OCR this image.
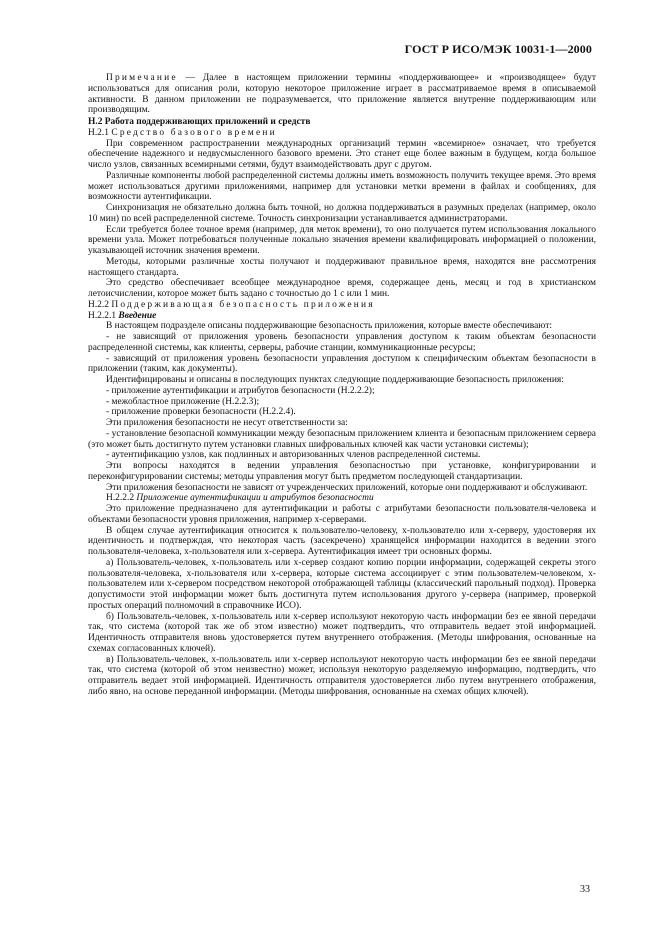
ГОСТ Р ИСО/МЭК 10031-1—2000

Примечание — Далее в настоящем приложении термины «поддерживающее» и «производящее» будут использоваться для описания роли, которую некоторое приложение играет в рассматриваемое время в описываемой активности. В данном приложении не подразумевается, что приложение является внутренне поддерживающим или производящим.

H.2 Работа поддерживающих приложений и средств

H.2.1 Средство базового времени

При современном распространении международных организаций термин «всемирное» означает, что требуется обеспечение надежного и недвусмысленного базового времени. Это станет еще более важным в будущем, когда большое число узлов, связанных всемирными сетями, будут взаимодействовать друг с другом.

Различные компоненты любой распределенной системы должны иметь возможность получить текущее время. Это время может использоваться другими приложениями, например для установки метки времени в файлах и сообщениях, для возможности аутентификации.

Синхронизация не обязательно должна быть точной, но должна поддерживаться в разумных пределах (например, около 10 мин) по всей распределенной системе. Точность синхронизации устанавливается администраторами.

Если требуется более точное время (например, для меток времени), то оно получается путем использования локального времени узла. Может потребоваться полученные локально значения времени квалифицировать информацией о положении, указывающей источник значения времени.

Методы, которыми различные хосты получают и поддерживают правильное время, находятся вне рассмотрения настоящего стандарта.

Это средство обеспечивает всеобщее международное время, содержащее день, месяц и год в христианском летоисчислении, которое может быть задано с точностью до 1 с или 1 мин.

H.2.2 Поддерживающая безопасность приложения

H.2.2.1 Введение

В настоящем подразделе описаны поддерживающие безопасность приложения, которые вместе обеспечивают:

- не зависящий от приложения уровень безопасности управления доступом к таким объектам безопасности распределенной системы, как клиенты, серверы, рабочие станции, коммуникационные ресурсы;

- зависящий от приложения уровень безопасности управления доступом к специфическим объектам безопасности в приложении (таким, как документы).

Идентифицированы и описаны в последующих пунктах следующие поддерживающие безопасность приложения:

- приложение аутентификации и атрибутов безопасности (H.2.2.2);

- межобластное приложение (H.2.2.3);

- приложение проверки безопасности (H.2.2.4).

Эти приложения безопасности не несут ответственности за:

- установление безопасной коммуникации между безопасным приложением клиента и безопасным приложением сервера (это может быть достигнуто путем установки главных шифровальных ключей как части установки системы);

- аутентификацию узлов, как подлинных и авторизованных членов распределенной системы.

Эти вопросы находятся в ведении управления безопасностью при установке, конфигурировании и переконфигурировании системы; методы управления могут быть предметом последующей стандартизации.

Эти приложения безопасности не зависят от учрежденческих приложений, которые они поддерживают и обслуживают.

H.2.2.2 Приложение аутентификации и атрибутов безопасности

Это приложение предназначено для аутентификации и работы с атрибутами безопасности пользователя-человека и объектами безопасности уровня приложения, например x-серверами.

В общем случае аутентификация относится к пользователю-человеку, x-пользователю или x-серверу, удостоверяя их идентичность и подтверждая, что некоторая часть (засекречено) хранящейся информации находится в ведении этого пользователя-человека, x-пользователя или x-сервера. Аутентификация имеет три основных формы.

а) Пользователь-человек, x-пользователь или x-сервер создают копию порции информации, содержащей секреты этого пользователя-человека, x-пользователя или x-сервера, которые система ассоциирует с этим пользователем-человеком, x-пользователем или x-сервером посредством некоторой отображающей таблицы (классический парольный подход). Проверка допустимости этой информации может быть достигнута путем использования другого y-сервера (например, проверкой простых операций полномочий в справочнике ИСО).

б) Пользователь-человек, x-пользователь или x-сервер используют некоторую часть информации без ее явной передачи так, что система (которой так же об этом известно) может подтвердить, что отправитель ведает этой информацией. Идентичность отправителя вновь удостоверяется путем внутреннего отображения. (Методы шифрования, основанные на схемах согласованных ключей).

в) Пользователь-человек, x-пользователь или x-сервер используют некоторую часть информации без ее явной передачи так, что система (которой об этом неизвестно) может, используя некоторую разделяемую информацию, подтвердить, что отправитель ведает этой информацией. Идентичность отправителя удостоверяется либо путем внутреннего отображения, либо явно, на основе переданной информации. (Методы шифрования, основанные на схемах общих ключей).

33
